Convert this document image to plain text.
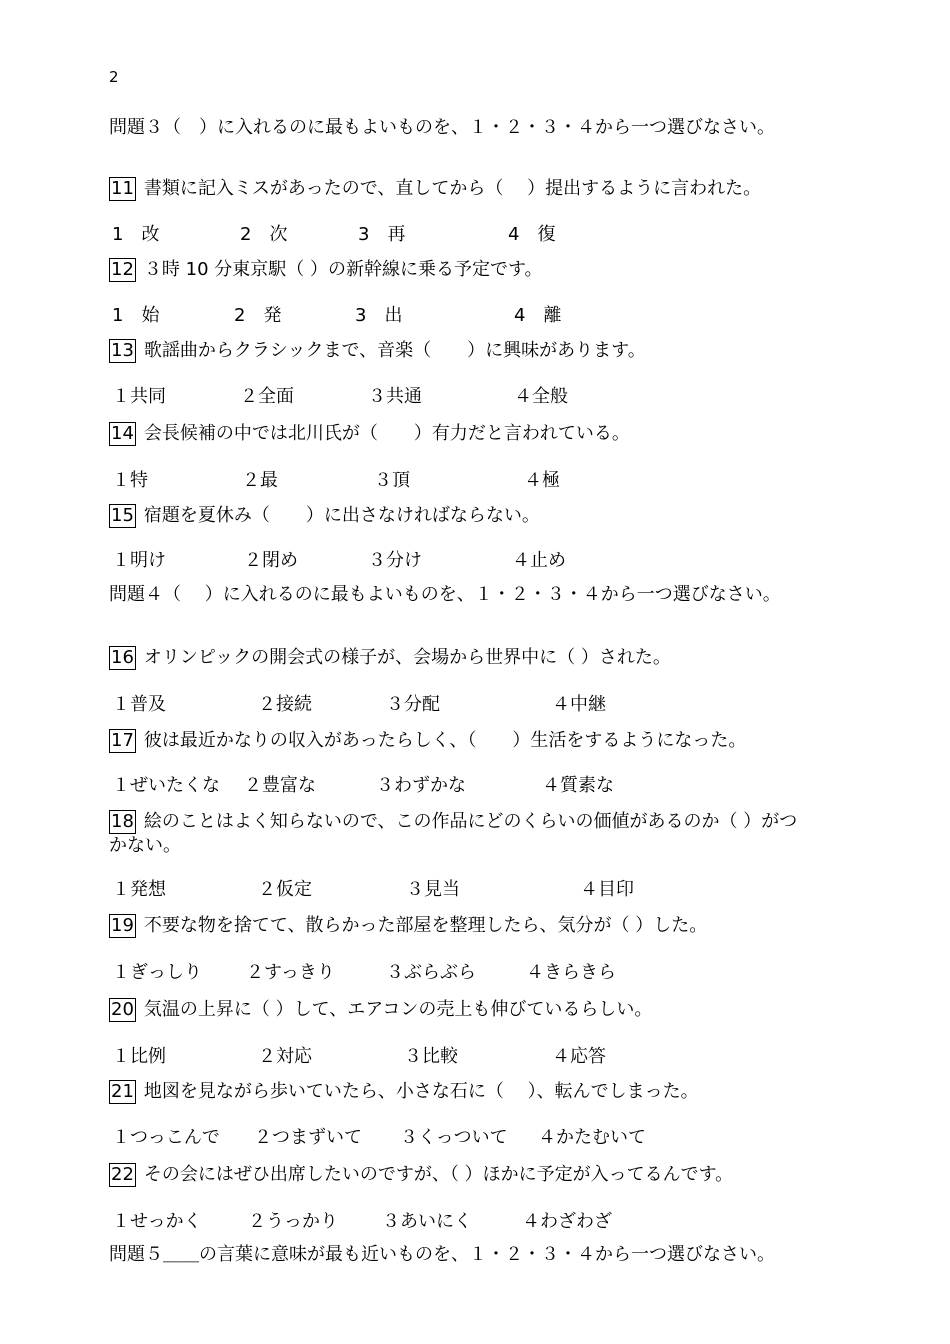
2
問題３（　）に入れるのに最もよいものを、１・２・３・４から一つ選びなさい。
11 書類に記入ミスがあったので、直してから（　 ）提出するように言われた。
1　改	2　次	3　再	4　復
12 ３時 10 分東京駅（ ）の新幹線に乗る予定です。
1　始	2　発	3　出	4　離
13 歌謡曲からクラシックまで、音楽（　　）に興味があります。
１共同	２全面	３共通	４全般
14 会長候補の中では北川氏が（　　）有力だと言われている。
１特	２最	３頂	４極
15 宿題を夏休み（　　）に出さなければならない。
１明け	２閉め	３分け	４止め
問題４（　 ）に入れるのに最もよいものを、１・２・３・４から一つ選びなさい。
16 オリンピックの開会式の様子が、会場から世界中に（ ）された。
１普及	２接続	３分配	４中継
17 彼は最近かなりの収入があったらしく、（　　）生活をするようになった。
１ぜいたくな ２豊富な	３わずかな	４質素な
18 絵のことはよく知らないので、この作品にどのくらいの価値があるのか（ ）がつかない。
１発想	２仮定	３見当	４目印
19 不要な物を捨てて、散らかった部屋を整理したら、気分が（ ）した。
１ぎっしり ２すっきり	３ぶらぶら	４きらきら
20 気温の上昇に（ ）して、エアコンの売上も伸びているらしい。
１比例	２対応	３比較	４応答
21 地図を見ながら歩いていたら、小さな石に（　 ）、転んでしまった。
１つっこんで ２つまずいて ３くっついて ４かたむいて
22 その会にはぜひ出席したいのですが、（ ）ほかに予定が入ってるんです。
１せっかく	２うっかり ３あいにく	４わざわざ
問題５＿＿の言葉に意味が最も近いものを、１・２・３・４から一つ選びなさい。
